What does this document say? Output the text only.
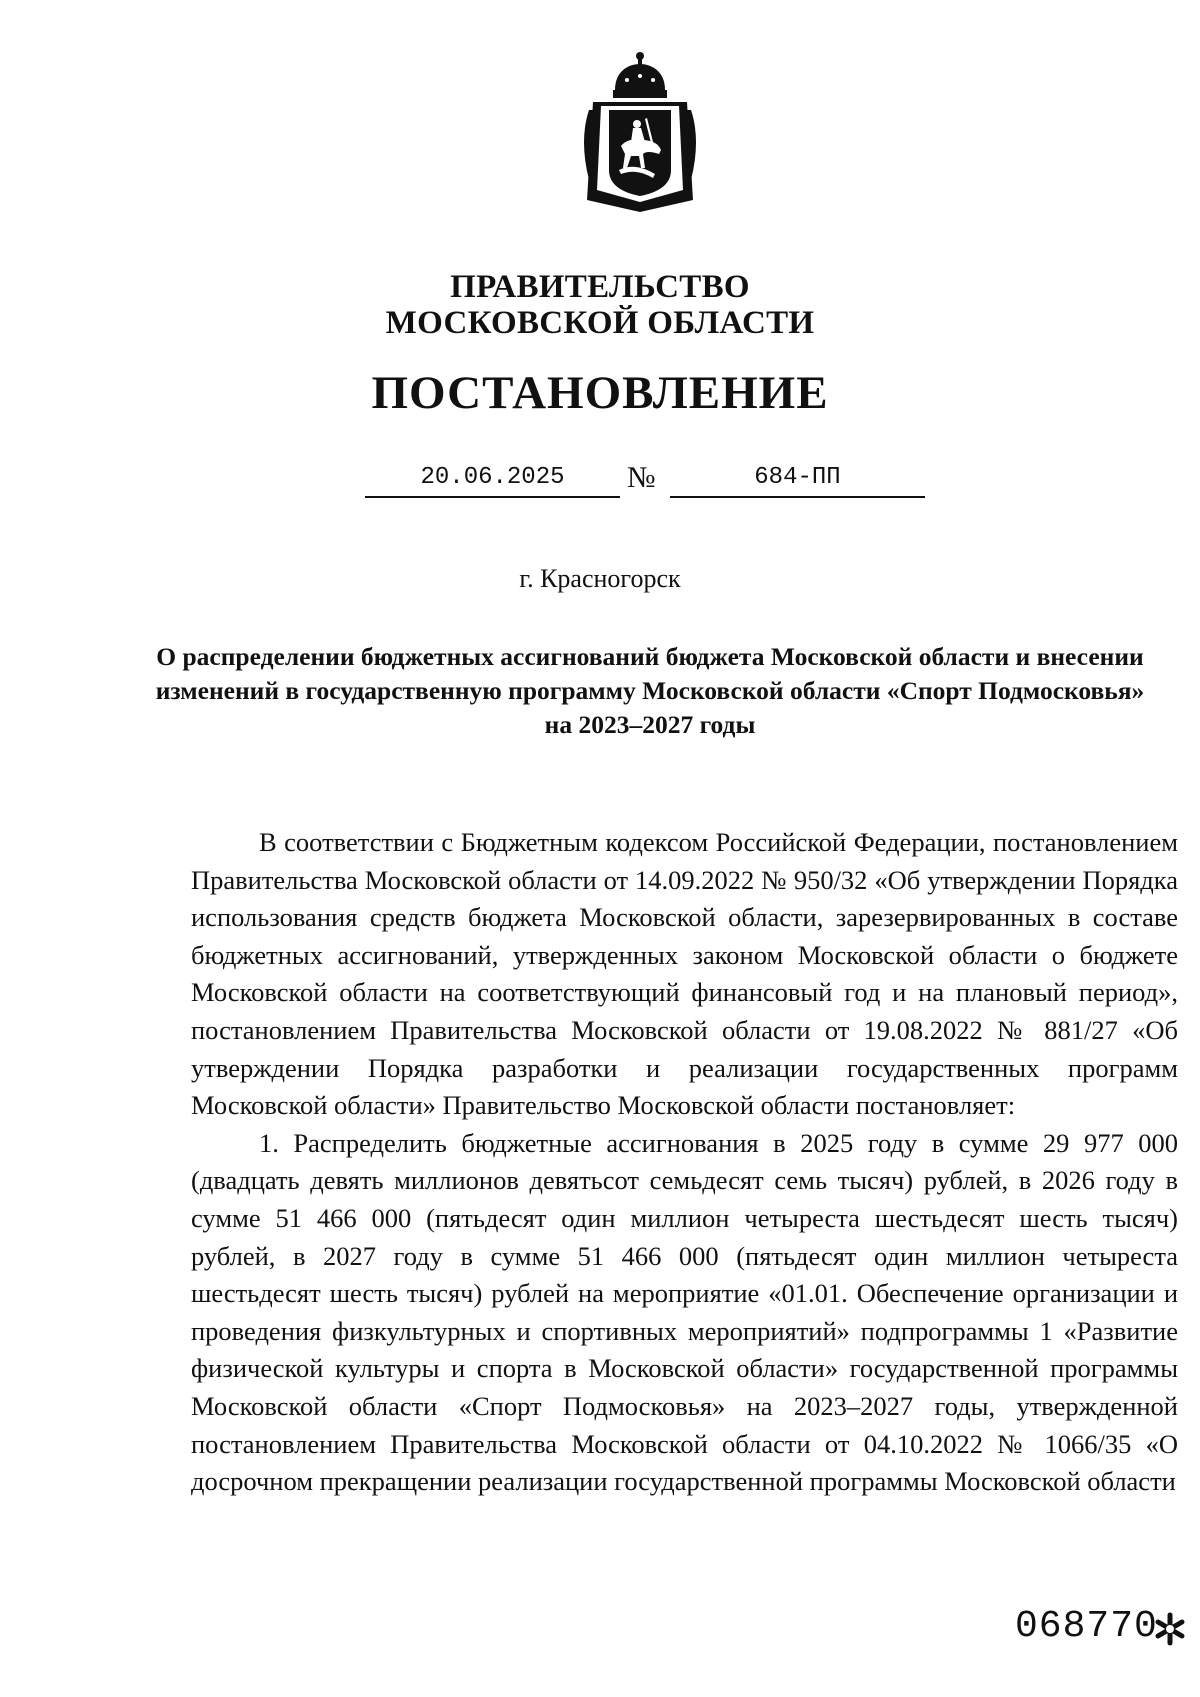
ПРАВИТЕЛЬСТВО
МОСКОВСКОЙ ОБЛАСТИ
ПОСТАНОВЛЕНИЕ
20.06.2025	№	684-ПП
г. Красногорск
О распределении бюджетных ассигнований бюджета Московской области и внесении изменений в государственную программу Московской области «Спорт Подмосковья» на 2023–2027 годы

В соответствии с Бюджетным кодексом Российской Федерации, постановлением Правительства Московской области от 14.09.2022 № 950/32 «Об утверждении Порядка использования средств бюджета Московской области, зарезервированных в составе бюджетных ассигнований, утвержденных законом Московской области о бюджете Московской области на соответствующий финансовый год и на плановый период», постановлением Правительства Московской области от 19.08.2022 № 881/27 «Об утверждении Порядка разработки и реализации государственных программ Московской области» Правительство Московской области постановляет:

1. Распределить бюджетные ассигнования в 2025 году в сумме 29 977 000 (двадцать девять миллионов девятьсот семьдесят семь тысяч) рублей, в 2026 году в сумме 51 466 000 (пятьдесят один миллион четыреста шестьдесят шесть тысяч) рублей, в 2027 году в сумме 51 466 000 (пятьдесят один миллион четыреста шестьдесят шесть тысяч) рублей на мероприятие «01.01. Обеспечение организации и проведения физкультурных и спортивных мероприятий» подпрограммы 1 «Развитие физической культуры и спорта в Московской области» государственной программы Московской области «Спорт Подмосковья» на 2023–2027 годы, утвержденной постановлением Правительства Московской области от 04.10.2022 № 1066/35 «О досрочном прекращении реализации государственной программы Московской области

068770
